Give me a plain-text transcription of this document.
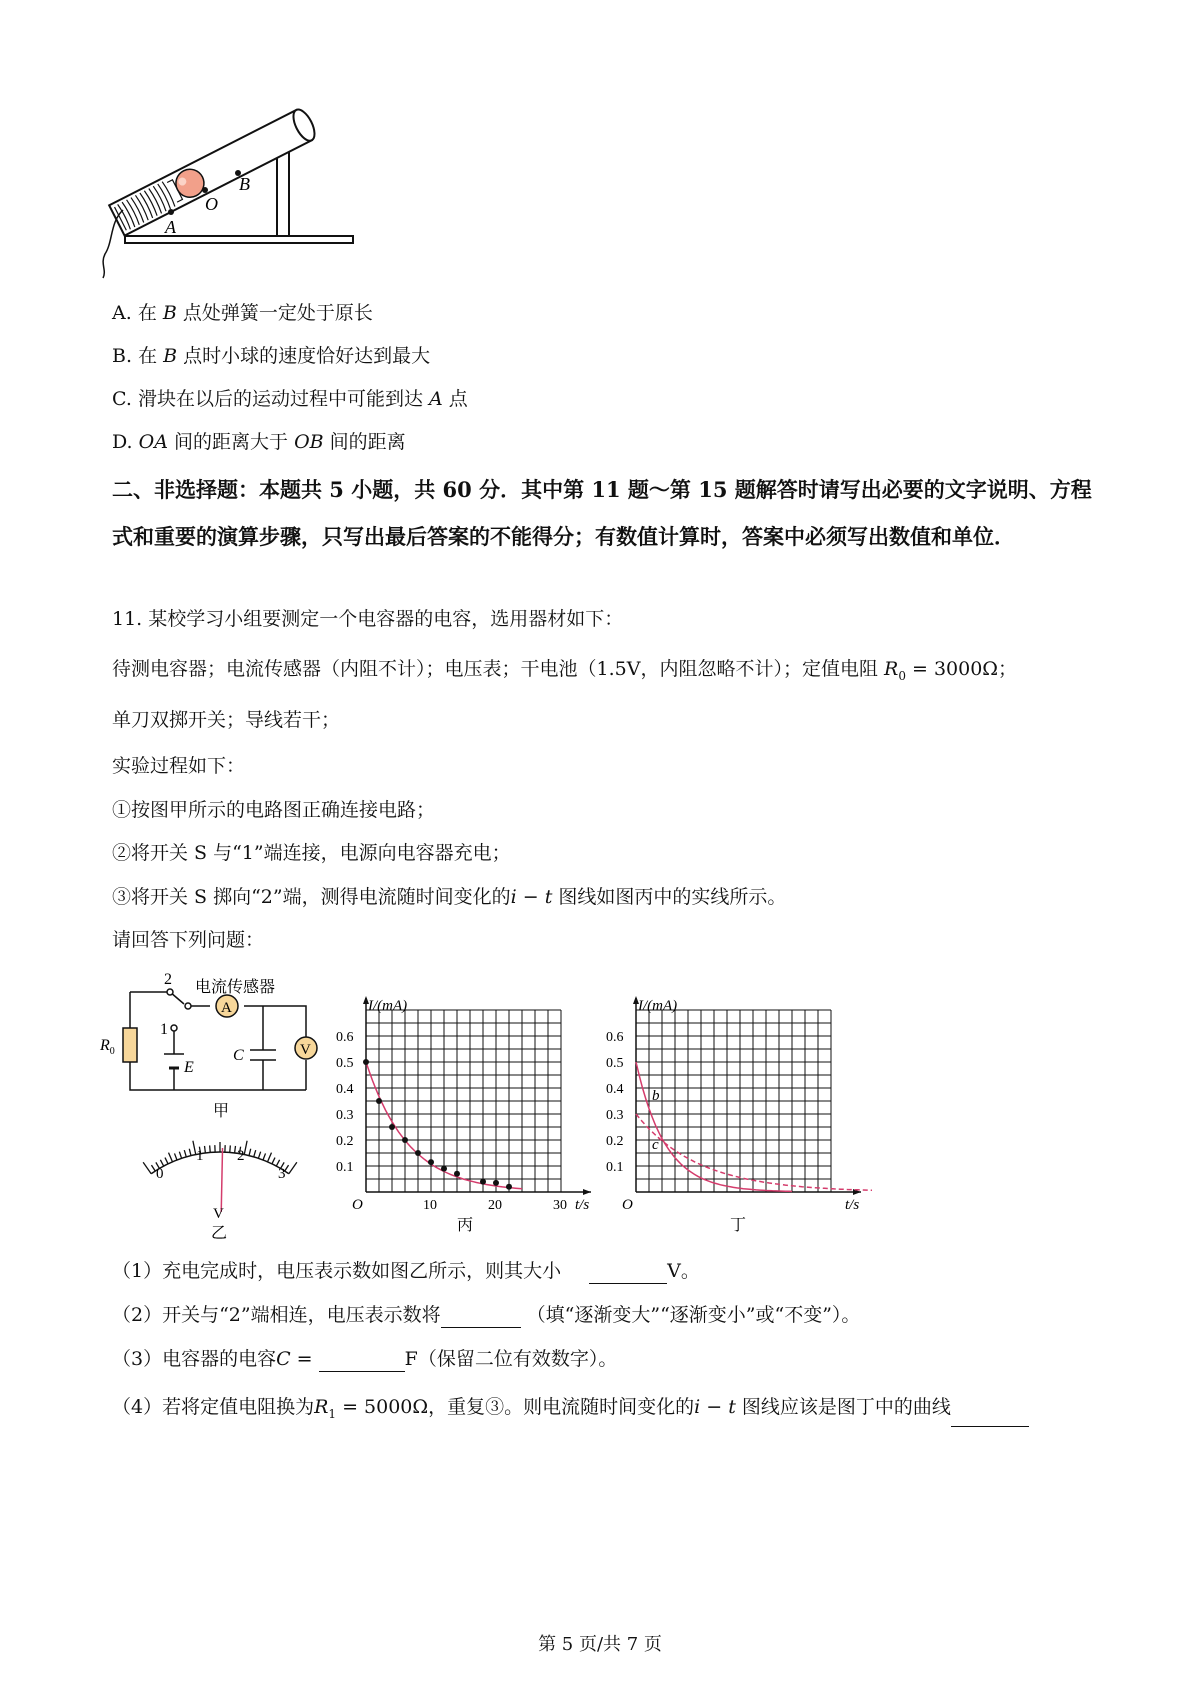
B
O
A
A. 在 B 点处弹簧一定处于原长
B. 在 B 点时小球的速度恰好达到最大
C. 滑块在以后的运动过程中可能到达 A 点
D. OA 间的距离大于 OB 间的距离
二、非选择题：本题共 5 小题，共 60 分．其中第 11 题～第 15 题解答时请写出必要的文字说明、方程式和重要的演算步骤，只写出最后答案的不能得分；有数值计算时，答案中必须写出数值和单位．
11. 某校学习小组要测定一个电容器的电容，选用器材如下：
待测电容器；电流传感器（内阻不计）；电压表；干电池（1.5V，内阻忽略不计）；定值电阻 $R_0 = 3000\Omega$；
单刀双掷开关；导线若干；
实验过程如下：
①按图甲所示的电路图正确连接电路；
②将开关 S 与“1”端连接，电源向电容器充电；
③将开关 S 掷向“2”端，测得电流随时间变化的i − t 图线如图丙中的实线所示。
请回答下列问题：
A
V
2
1
电流传感器
$R_0$
E
C
甲
0
1 2
3
V
乙
0.1
0.2
0.3
0.4
0.5
0.6
10	20	30
I/(mA)
O	t/s
丙
0.1
0.2
0.3
0.4
0.5
0.6
I/(mA)
O	t/s
b
c
丁
（1）充电完成时，电压表示数如图乙所示，则其大小	V。
（2）开关与“2”端相连，电压表示数将	（填“逐渐变大”“逐渐变小”或“不变”）。
（3）电容器的电容C =	F（保留二位有效数字）。
（4）若将定值电阻换为$R_1 = 5000\Omega$，重复③。则电流随时间变化的i − t 图线应该是图丁中的曲线
第 5 页/共 7 页
